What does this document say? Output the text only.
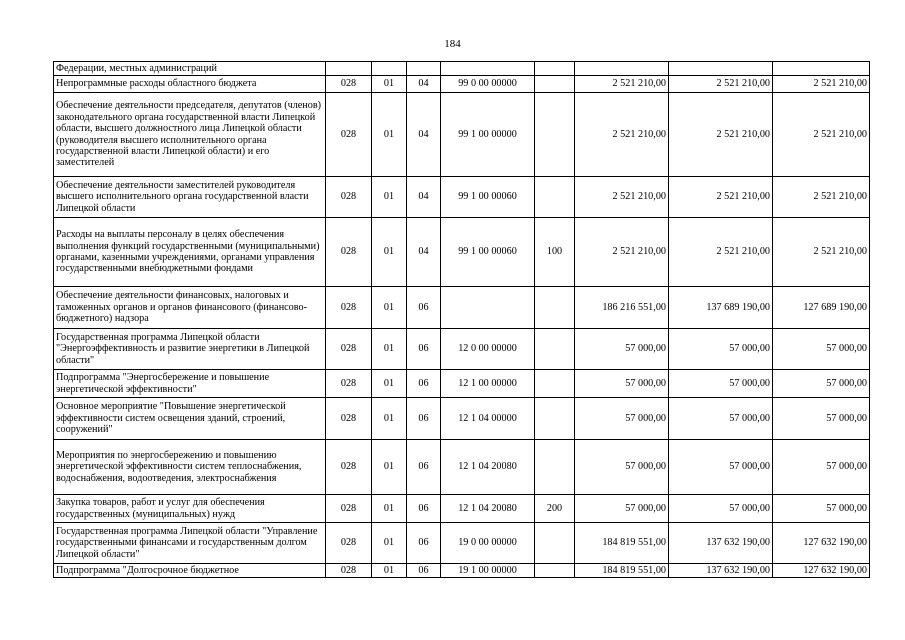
184
Федерации, местных администраций								
Непрограммные расходы областного бюджета	028	01	04	99 0 00 00000		2 521 210,00	2 521 210,00	2 521 210,00
Обеспечение деятельности председателя, депутатов (членов) законодательного органа государственной власти Липецкой области, высшего должностного лица Липецкой области (руководителя высшего исполнительного органа государственной власти Липецкой области) и его заместителей	028	01	04	99 1 00 00000		2 521 210,00	2 521 210,00	2 521 210,00
Обеспечение деятельности заместителей руководителя высшего исполнительного органа государственной власти Липецкой области	028	01	04	99 1 00 00060		2 521 210,00	2 521 210,00	2 521 210,00
Расходы на выплаты персоналу в целях обеспечения выполнения функций государственными (муниципальными) органами, казенными учреждениями, органами управления государственными внебюджетными фондами	028	01	04	99 1 00 00060	100	2 521 210,00	2 521 210,00	2 521 210,00
Обеспечение деятельности финансовых, налоговых и таможенных органов и органов финансового (финансово-бюджетного) надзора	028	01	06			186 216 551,00	137 689 190,00	127 689 190,00
Государственная программа Липецкой области "Энергоэффективность и развитие энергетики в Липецкой области"	028	01	06	12 0 00 00000		57 000,00	57 000,00	57 000,00
Подпрограмма "Энергосбережение и повышение энергетической эффективности"	028	01	06	12 1 00 00000		57 000,00	57 000,00	57 000,00
Основное мероприятие "Повышение энергетической эффективности систем освещения зданий, строений, сооружений"	028	01	06	12 1 04 00000		57 000,00	57 000,00	57 000,00
Мероприятия по энергосбережению и повышению энергетической эффективности систем теплоснабжения, водоснабжения, водоотведения, электроснабжения	028	01	06	12 1 04 20080		57 000,00	57 000,00	57 000,00
Закупка товаров, работ и услуг для обеспечения государственных (муниципальных) нужд	028	01	06	12 1 04 20080	200	57 000,00	57 000,00	57 000,00
Государственная программа Липецкой области "Управление государственными финансами и государственным долгом Липецкой области"	028	01	06	19 0 00 00000		184 819 551,00	137 632 190,00	127 632 190,00
Подпрограмма "Долгосрочное бюджетное	028	01	06	19 1 00 00000		184 819 551,00	137 632 190,00	127 632 190,00
